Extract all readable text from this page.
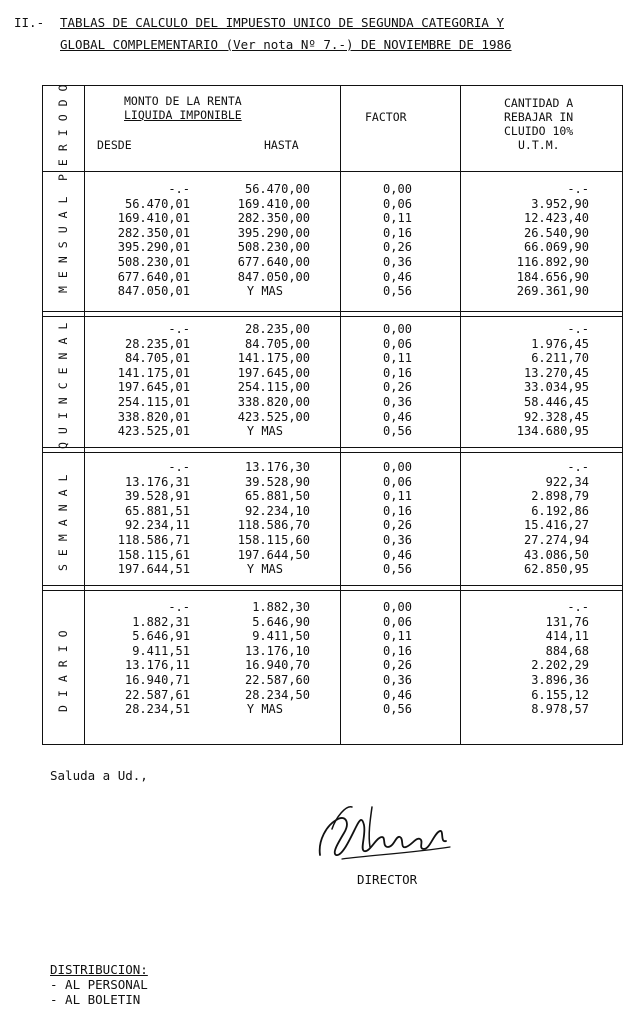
II.- TABLAS DE CALCULO DEL IMPUESTO UNICO DE SEGUNDA CATEGORIA Y
GLOBAL COMPLEMENTARIO (Ver nota Nº 7.-) DE NOVIEMBRE DE 1986
PERIODO	MONTO DE LA RENTA
LIQUIDA IMPONIBLE
DESDE	HASTA
FACTOR
CANTIDAD A
REBAJAR IN
CLUIDO 10%
U.T.M.
MENSUAL
QUINCENAL
SEMANAL
DIARIO
-.-	56.470,00	0,00	-.-
56.470,01	169.410,00	0,06	3.952,90
169.410,01	282.350,00	0,11	12.423,40
282.350,01	395.290,00	0,16	26.540,90
395.290,01	508.230,00	0,26	66.069,90
508.230,01	677.640,00	0,36	116.892,90
677.640,01	847.050,00	0,46	184.656,90
847.050,01	Y MAS	0,56	269.361,90
-.-	28.235,00	0,00	-.-
28.235,01	84.705,00	0,06	1.976,45
84.705,01	141.175,00	0,11	6.211,70
141.175,01	197.645,00	0,16	13.270,45
197.645,01	254.115,00	0,26	33.034,95
254.115,01	338.820,00	0,36	58.446,45
338.820,01	423.525,00	0,46	92.328,45
423.525,01	Y MAS	0,56	134.680,95
-.-	13.176,30	0,00	-.-
13.176,31	39.528,90	0,06	922,34
39.528,91	65.881,50	0,11	2.898,79
65.881,51	92.234,10	0,16	6.192,86
92.234,11	118.586,70	0,26	15.416,27
118.586,71	158.115,60	0,36	27.274,94
158.115,61	197.644,50	0,46	43.086,50
197.644,51	Y MAS	0,56	62.850,95
-.-	1.882,30	0,00	-.-
1.882,31	5.646,90	0,06	131,76
5.646,91	9.411,50	0,11	414,11
9.411,51	13.176,10	0,16	884,68
13.176,11	16.940,70	0,26	2.202,29
16.940,71	22.587,60	0,36	3.896,36
22.587,61	28.234,50	0,46	6.155,12
28.234,51	Y MAS	0,56	8.978,57
Saluda a Ud.,
DIRECTOR
DISTRIBUCION:
- AL PERSONAL
- AL BOLETIN
